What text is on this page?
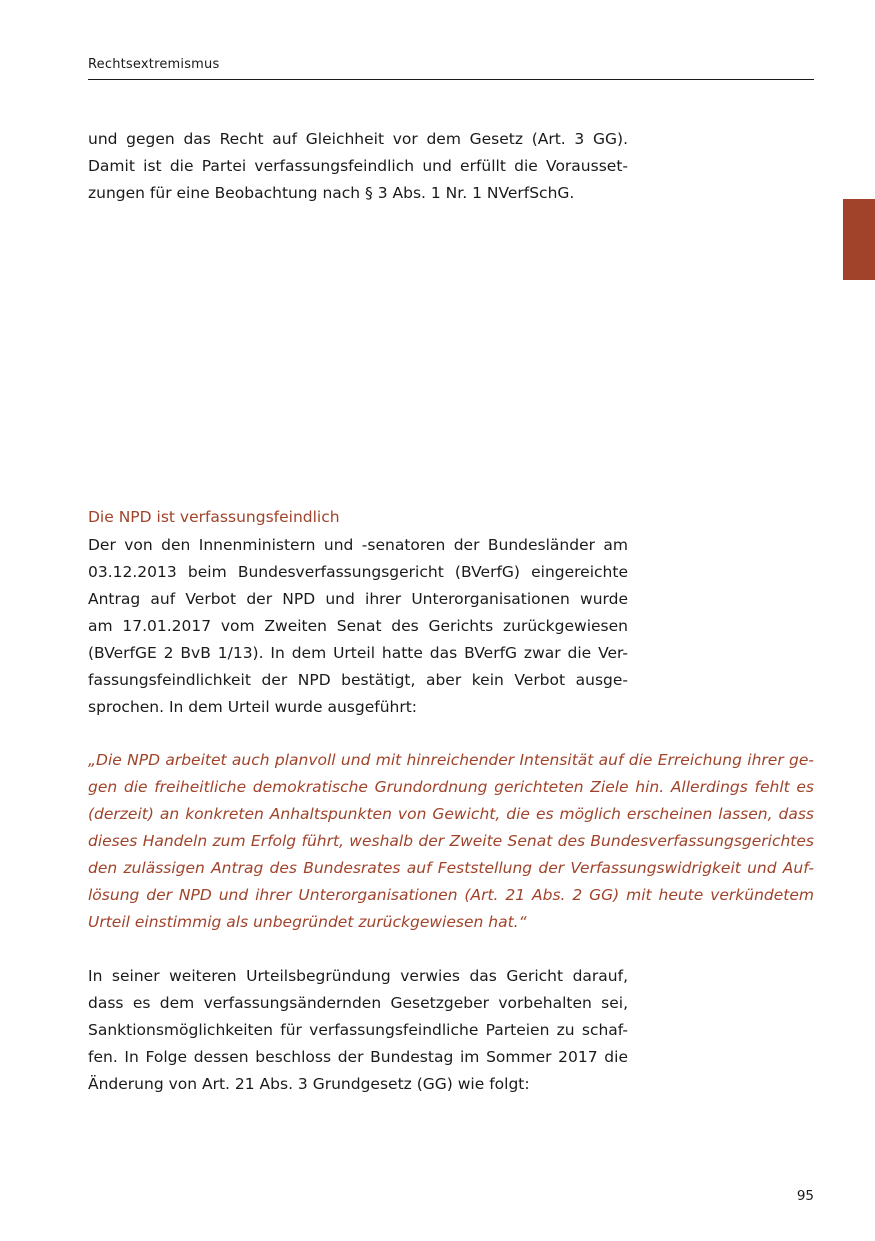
Rechtsextremismus

und gegen das Recht auf Gleichheit vor dem Gesetz (Art. 3 GG).
Damit ist die Partei verfassungsfeindlich und erfüllt die Vorausset-
zungen für eine Beobachtung nach § 3 Abs. 1 Nr. 1 NVerfSchG.

Die NPD ist verfassungsfeindlich

Der von den Innenministern und -senatoren der Bundesländer am
03.12.2013 beim Bundesverfassungsgericht (BVerfG) eingereichte
Antrag auf Verbot der NPD und ihrer Unterorganisationen wurde
am 17.01.2017 vom Zweiten Senat des Gerichts zurückgewiesen
(BVerfGE 2 BvB 1/13). In dem Urteil hatte das BVerfG zwar die Ver-
fassungsfeindlichkeit der NPD bestätigt, aber kein Verbot ausge-
sprochen. In dem Urteil wurde ausgeführt:

„Die NPD arbeitet auch planvoll und mit hinreichender Intensität auf die Erreichung ihrer ge-
gen die freiheitliche demokratische Grundordnung gerichteten Ziele hin. Allerdings fehlt es
(derzeit) an konkreten Anhaltspunkten von Gewicht, die es möglich erscheinen lassen, dass
dieses Handeln zum Erfolg führt, weshalb der Zweite Senat des Bundesverfassungsgerichtes
den zulässigen Antrag des Bundesrates auf Feststellung der Verfassungswidrigkeit und Auf-
lösung der NPD und ihrer Unterorganisationen (Art. 21 Abs. 2 GG) mit heute verkündetem
Urteil einstimmig als unbegründet zurückgewiesen hat.“

In seiner weiteren Urteilsbegründung verwies das Gericht darauf,
dass es dem verfassungsändernden Gesetzgeber vorbehalten sei,
Sanktionsmöglichkeiten für verfassungsfeindliche Parteien zu schaf-
fen. In Folge dessen beschloss der Bundestag im Sommer 2017 die
Änderung von Art. 21 Abs. 3 Grundgesetz (GG) wie folgt:

95
